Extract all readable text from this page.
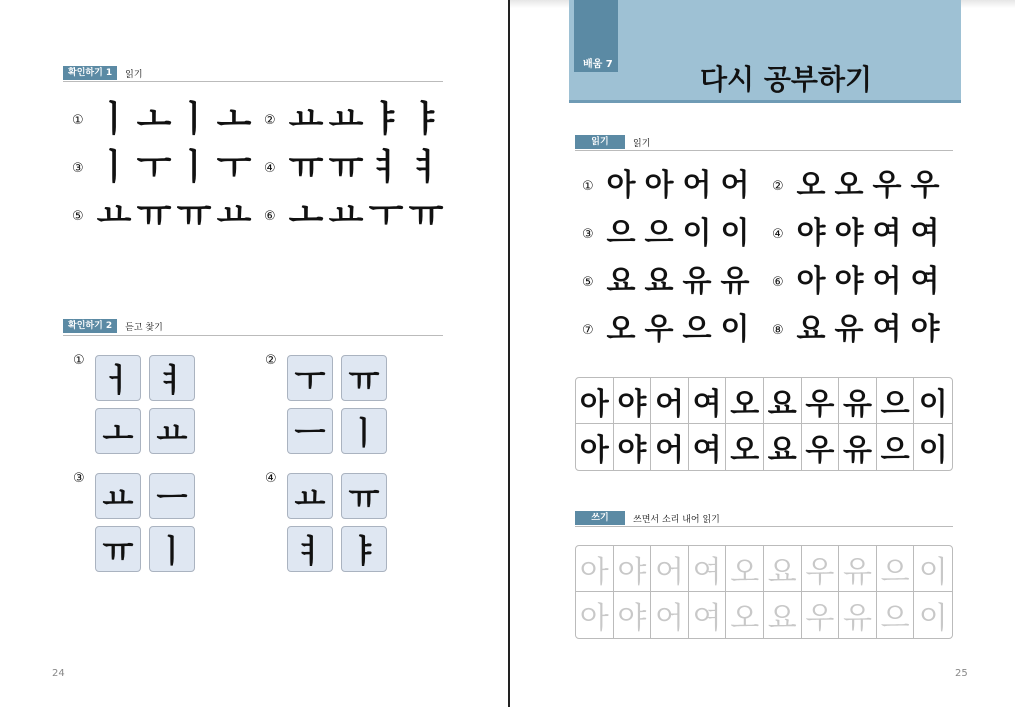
확인하기 1	읽기
① ㅣ ㅗ ㅣ ㅗ ② ㅛ ㅛ ㅑ ㅑ
③ ㅣ ㅜ ㅣ ㅜ ④ ㅠ ㅠ ㅕ ㅕ
⑤ ㅛ ㅠ ㅠ ㅛ ⑥ ㅗ ㅛ ㅜ ㅠ
확인하기 2	듣고 찾기
①
ㅓ ㅕ
ㅗ ㅛ
②
ㅜ ㅠ
ㅡ ㅣ
③
ㅛ ㅡ
ㅠ ㅣ
④
ㅛ ㅠ
ㅕ ㅑ
24
배움 7	다시 공부하기
읽기	읽기
① 아 아 어 어	② 오 오 우 우
③ 으 으 이 이	④ 야 야 여 여
⑤ 요 요 유 유	⑥ 아 야 어 여
⑦ 오 우 으 이	⑧ 요 유 여 야
아 야 어 여 오 요 우 유 으 이
아 야 어 여 오 요 우 유 으 이
쓰기	쓰면서 소리 내어 읽기
아 야 어 여 오 요 우 유 으 이
아 야 어 여 오 요 우 유 으 이
25
